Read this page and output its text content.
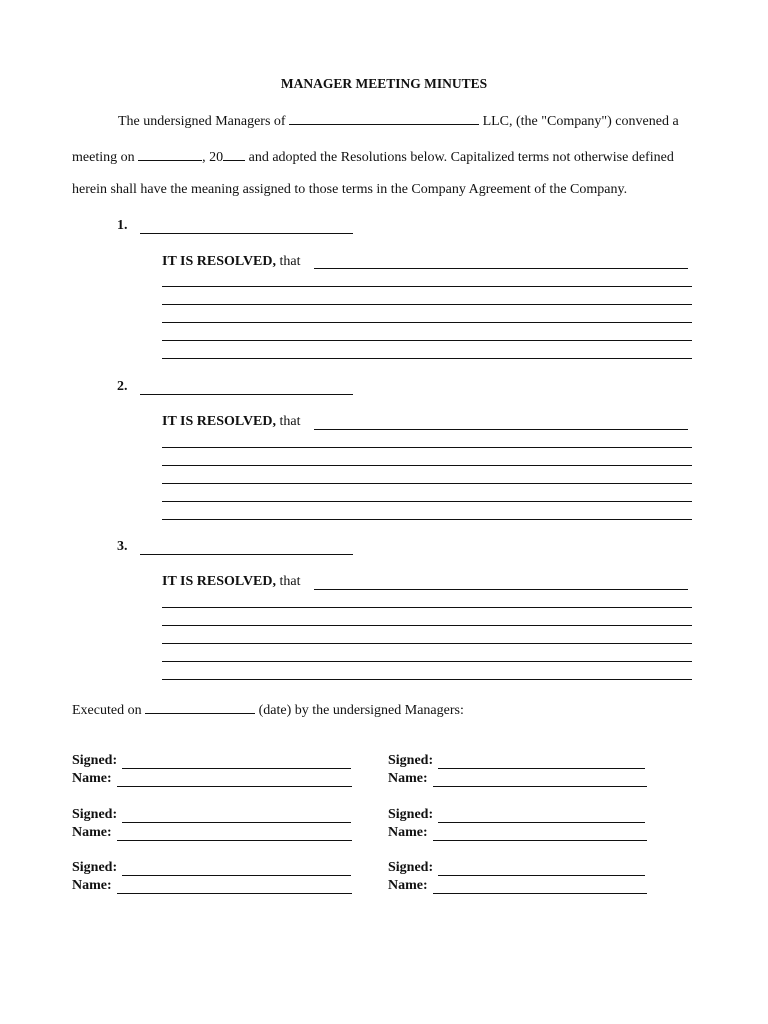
MANAGER MEETING MINUTES
The undersigned Managers of	LLC, (the "Company") convened a
meeting on	, 20 and adopted the Resolutions below. Capitalized terms not otherwise defined
herein shall have the meaning assigned to those terms in the Company Agreement of the Company.
1.
IT IS RESOLVED, that
2.
IT IS RESOLVED, that
3.
IT IS RESOLVED, that
Executed on	(date) by the undersigned Managers:
Signed:
Name:
Signed:
Name:
Signed:
Name:
Signed:
Name:
Signed:
Name:
Signed:
Name:
